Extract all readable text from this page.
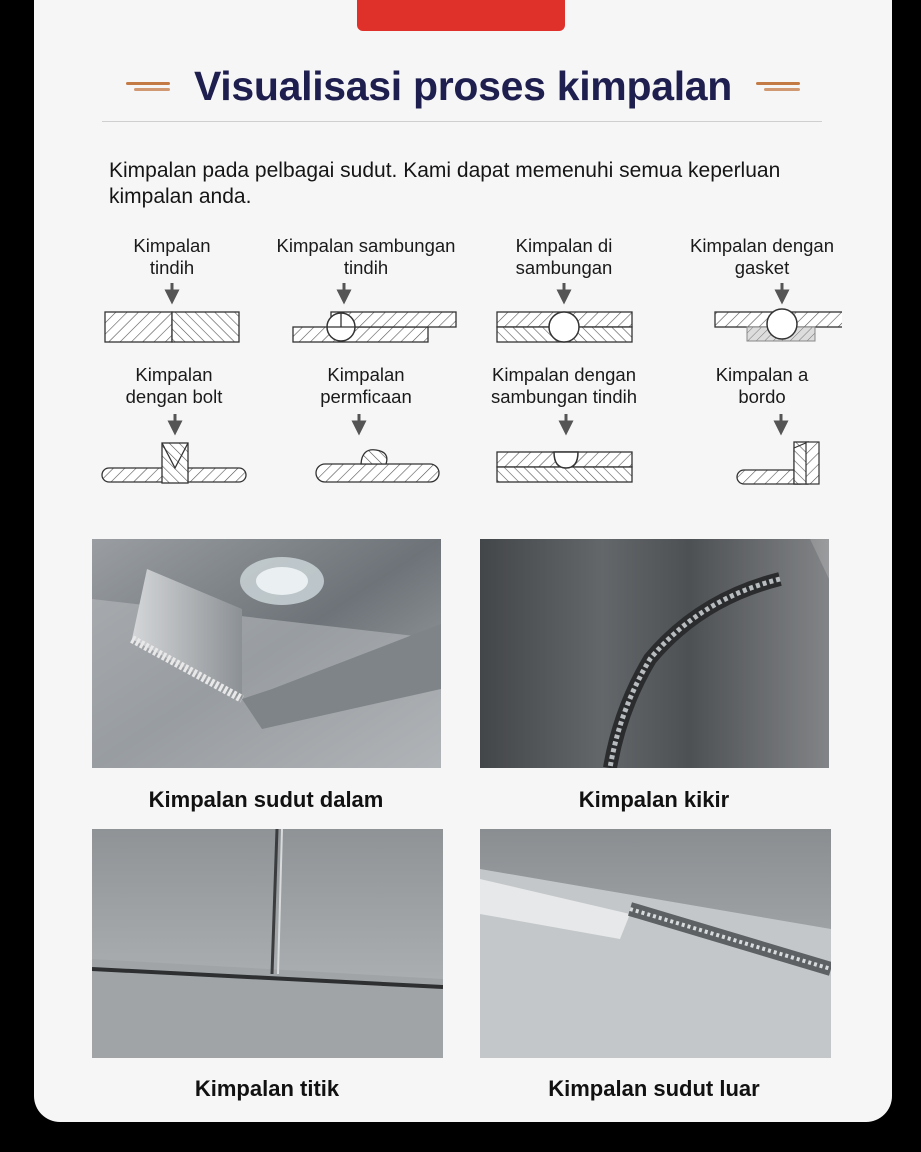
Visualisasi proses kimpalan
Kimpalan pada pelbagai sudut. Kami dapat memenuhi semua keperluan kimpalan anda.
Kimpalan tindih
Kimpalan sambungan tindih
Kimpalan di sambungan
Kimpalan dengan gasket
Kimpalan dengan bolt
Kimpalan permficaan
Kimpalan dengan sambungan tindih
Kimpalan a bordo
Kimpalan sudut dalam	Kimpalan kikir
Kimpalan titik	Kimpalan sudut luar
